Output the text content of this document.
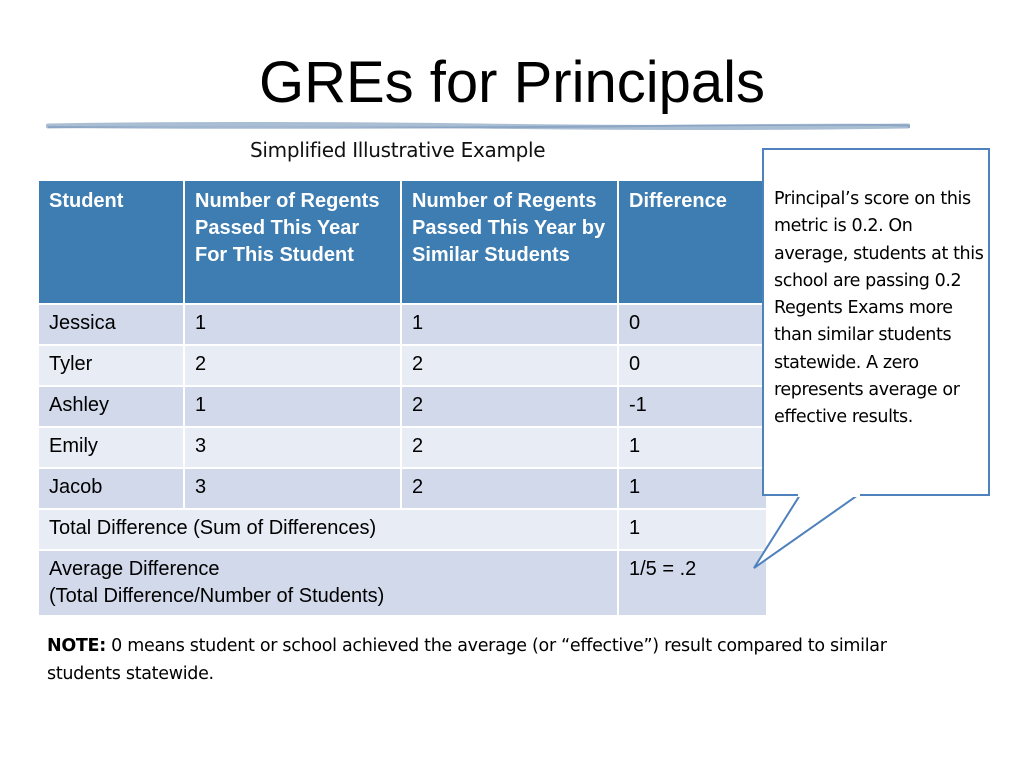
GREs for Principals
Simplified Illustrative Example
Student	Number of Regents Passed This Year For This Student	Number of Regents Passed This Year by Similar Students	Difference
Jessica	1	1	0
Tyler	2	2	0
Ashley	1	2	-1
Emily	3	2	1
Jacob	3	2	1
Total Difference (Sum of Differences)			1

Average Difference
(Total Difference/Number of Students)			1/5 = .2
Principal’s score on this metric is 0.2. On average, students at this school are passing 0.2 Regents Exams more than similar students statewide. A zero represents average or effective results.
NOTE: 0 means student or school achieved the average (or “effective”) result compared to similar students statewide.
